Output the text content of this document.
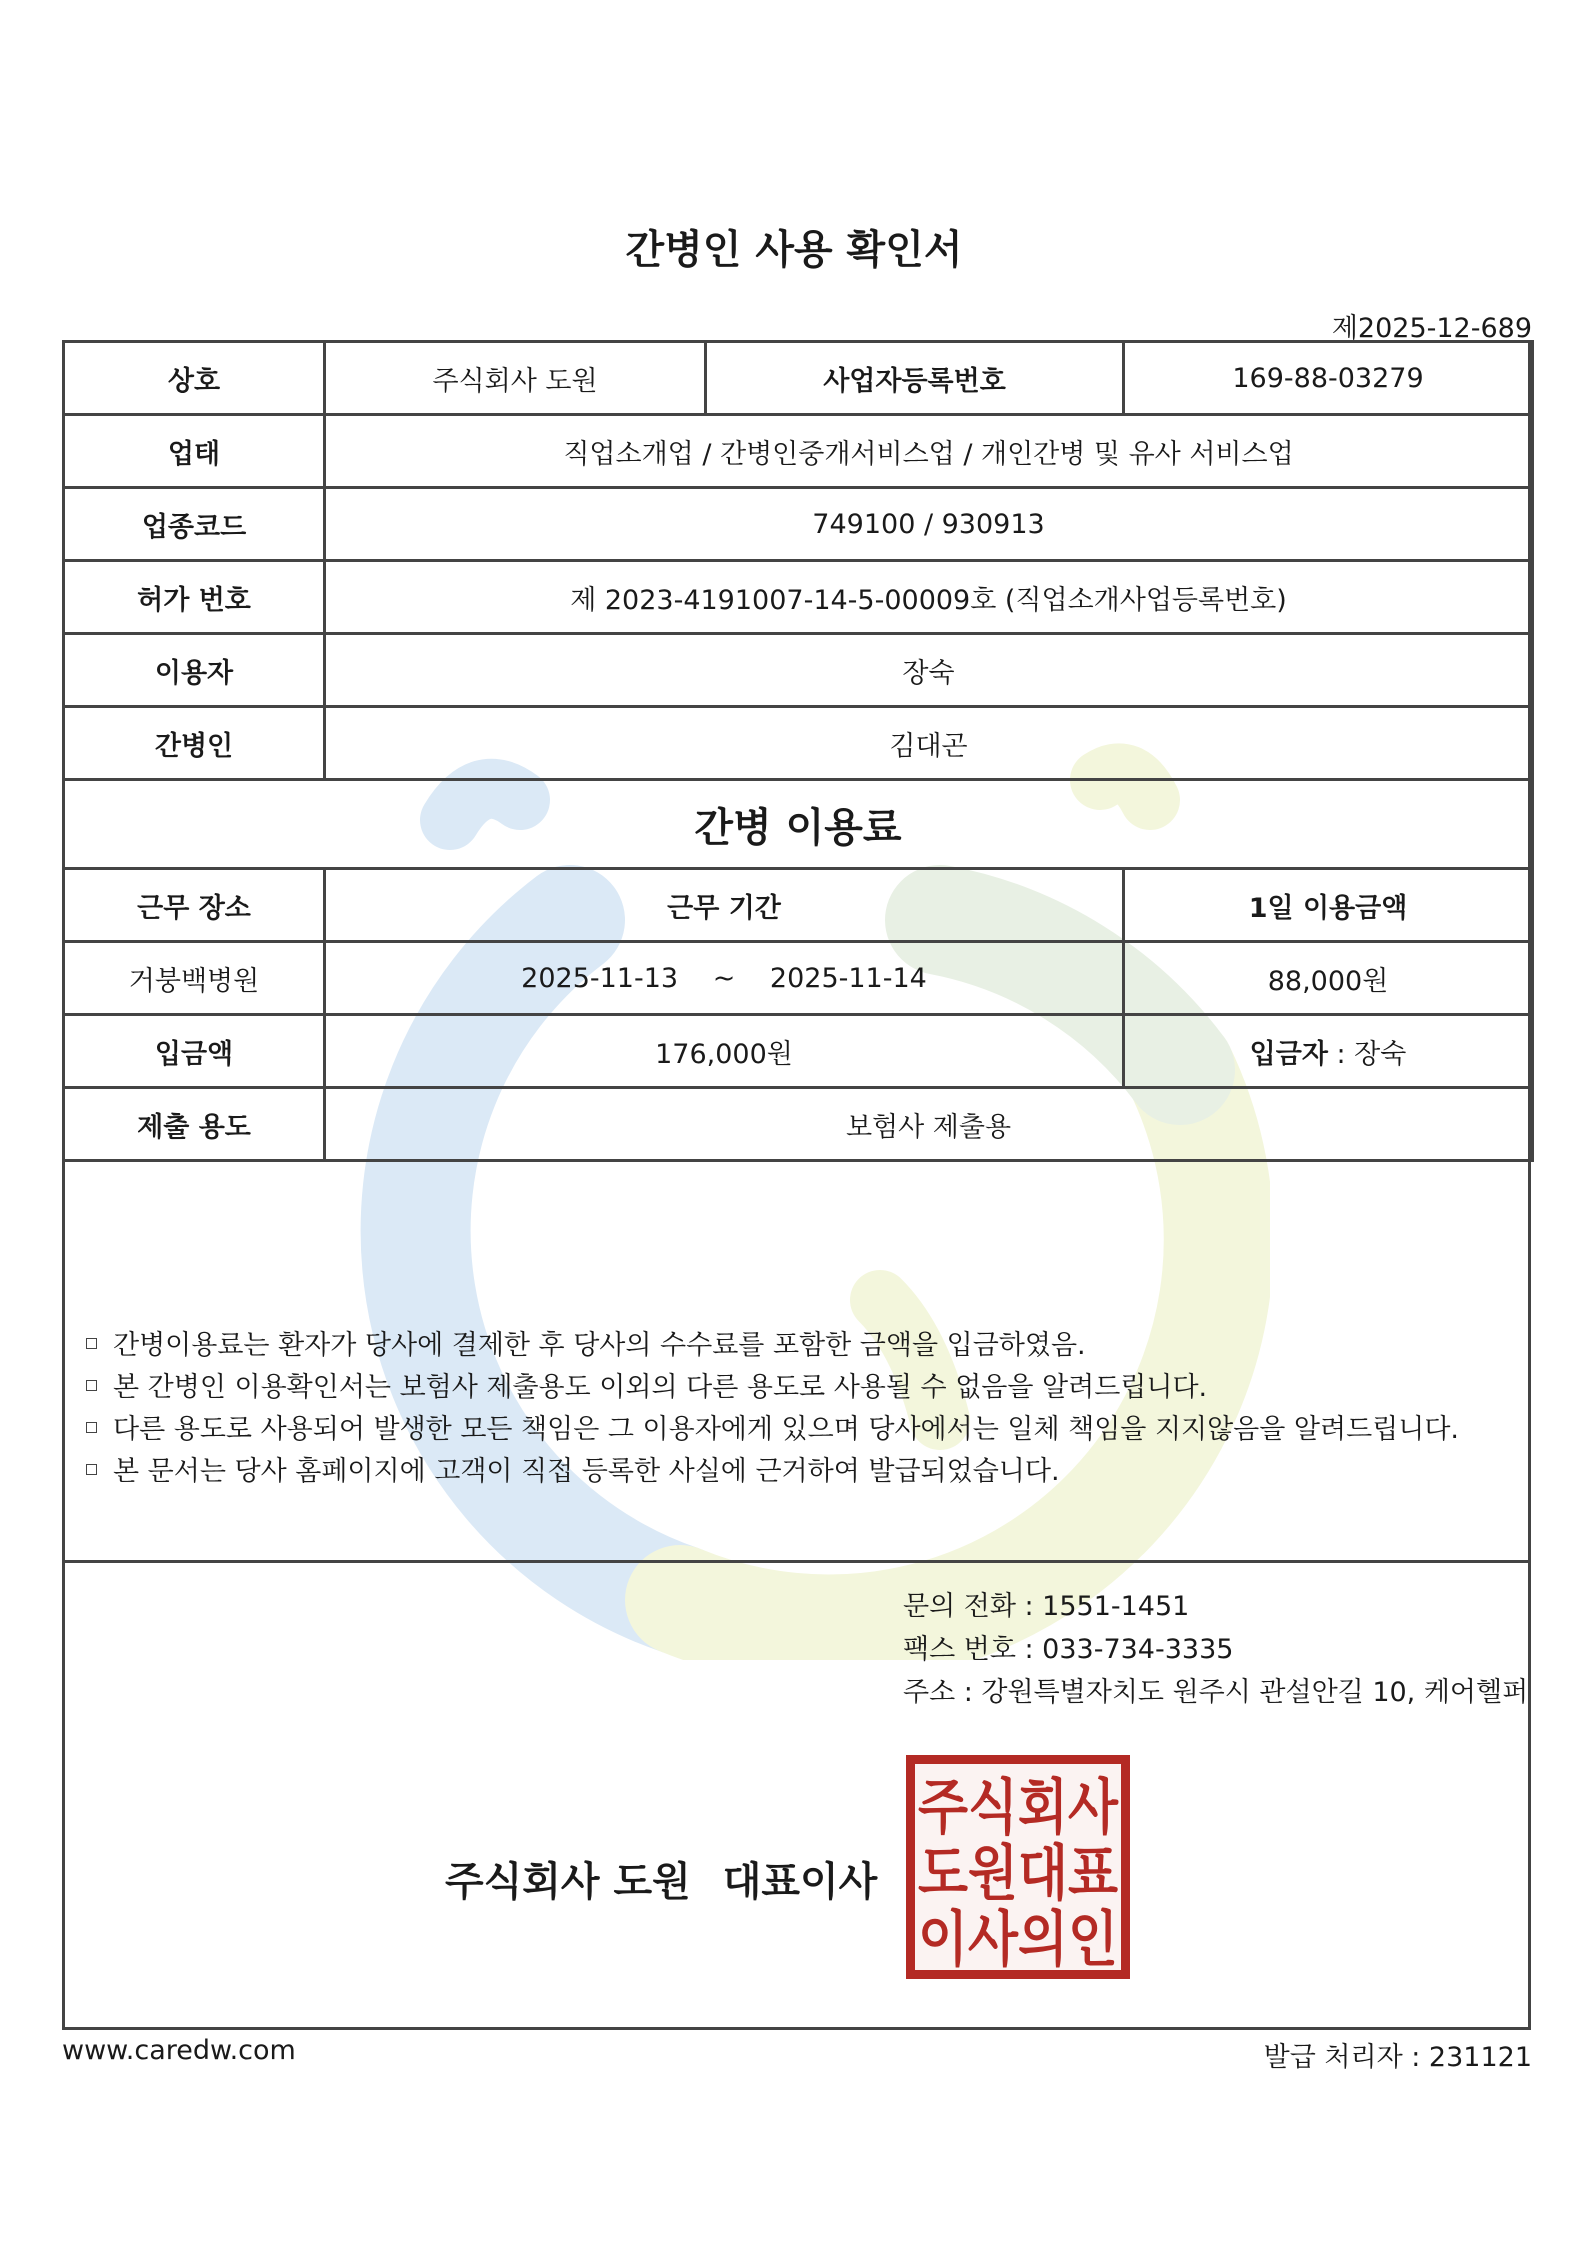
간병인 사용 확인서
제2025-12-689
상호	주식회사 도원	사업자등록번호	169-88-03279
업태	직업소개업 / 간병인중개서비스업 / 개인간병 및 유사 서비스업		
업종코드	749100 / 930913		
허가 번호	제 2023-4191007-14-5-00009호 (직업소개사업등록번호)		
이용자	장숙		
간병인	김대곤		
간병 이용료			
근무 장소	근무 기간		1일 이용금액
거붕백병원	2025-11-13 ~ 2025-11-14		88,000원
입금액	176,000원		입금자 : 장숙
제출 용도	보험사 제출용		
간병이용료는 환자가 당사에 결제한 후 당사의 수수료를 포함한 금액을 입금하였음.
본 간병인 이용확인서는 보험사 제출용도 이외의 다른 용도로 사용될 수 없음을 알려드립니다.
다른 용도로 사용되어 발생한 모든 책임은 그 이용자에게 있으며 당사에서는 일체 책임을 지지않음을 알려드립니다.
본 문서는 당사 홈페이지에 고객이 직접 등록한 사실에 근거하여 발급되었습니다.
문의 전화 : 1551-1451
팩스 번호 : 033-734-3335
주소 : 강원특별자치도 원주시 관설안길 10, 케어헬퍼
주식회사 도원 대표이사
주식회사
도원대표
이사의인
www.caredw.com	발급 처리자 : 231121
